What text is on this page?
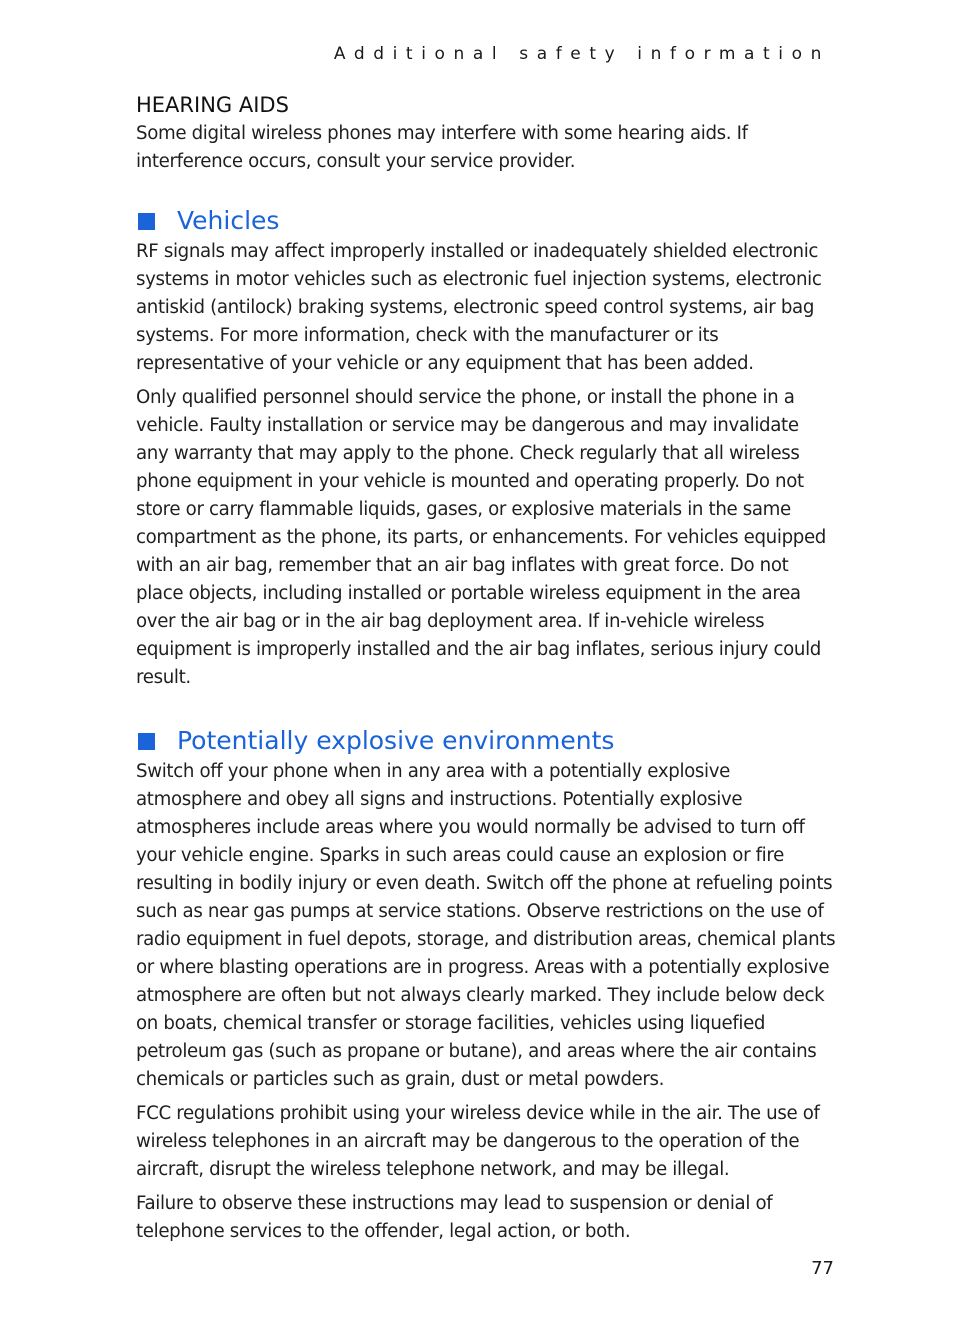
Additional safety information
HEARING AIDS

Some digital wireless phones may interfere with some hearing aids. If interference occurs, consult your service provider.

Vehicles

RF signals may affect improperly installed or inadequately shielded electronic systems in motor vehicles such as electronic fuel injection systems, electronic antiskid (antilock) braking systems, electronic speed control systems, air bag systems. For more information, check with the manufacturer or its representative of your vehicle or any equipment that has been added.

Only qualified personnel should service the phone, or install the phone in a vehicle. Faulty installation or service may be dangerous and may invalidate any warranty that may apply to the phone. Check regularly that all wireless phone equipment in your vehicle is mounted and operating properly. Do not store or carry flammable liquids, gases, or explosive materials in the same compartment as the phone, its parts, or enhancements. For vehicles equipped with an air bag, remember that an air bag inflates with great force. Do not place objects, including installed or portable wireless equipment in the area over the air bag or in the air bag deployment area. If in-vehicle wireless equipment is improperly installed and the air bag inflates, serious injury could result.

Potentially explosive environments

Switch off your phone when in any area with a potentially explosive atmosphere and obey all signs and instructions. Potentially explosive atmospheres include areas where you would normally be advised to turn off your vehicle engine. Sparks in such areas could cause an explosion or fire resulting in bodily injury or even death. Switch off the phone at refueling points such as near gas pumps at service stations. Observe restrictions on the use of radio equipment in fuel depots, storage, and distribution areas, chemical plants or where blasting operations are in progress. Areas with a potentially explosive atmosphere are often but not always clearly marked. They include below deck on boats, chemical transfer or storage facilities, vehicles using liquefied petroleum gas (such as propane or butane), and areas where the air contains chemicals or particles such as grain, dust or metal powders.

FCC regulations prohibit using your wireless device while in the air. The use of wireless telephones in an aircraft may be dangerous to the operation of the aircraft, disrupt the wireless telephone network, and may be illegal.

Failure to observe these instructions may lead to suspension or denial of telephone services to the offender, legal action, or both.

77
